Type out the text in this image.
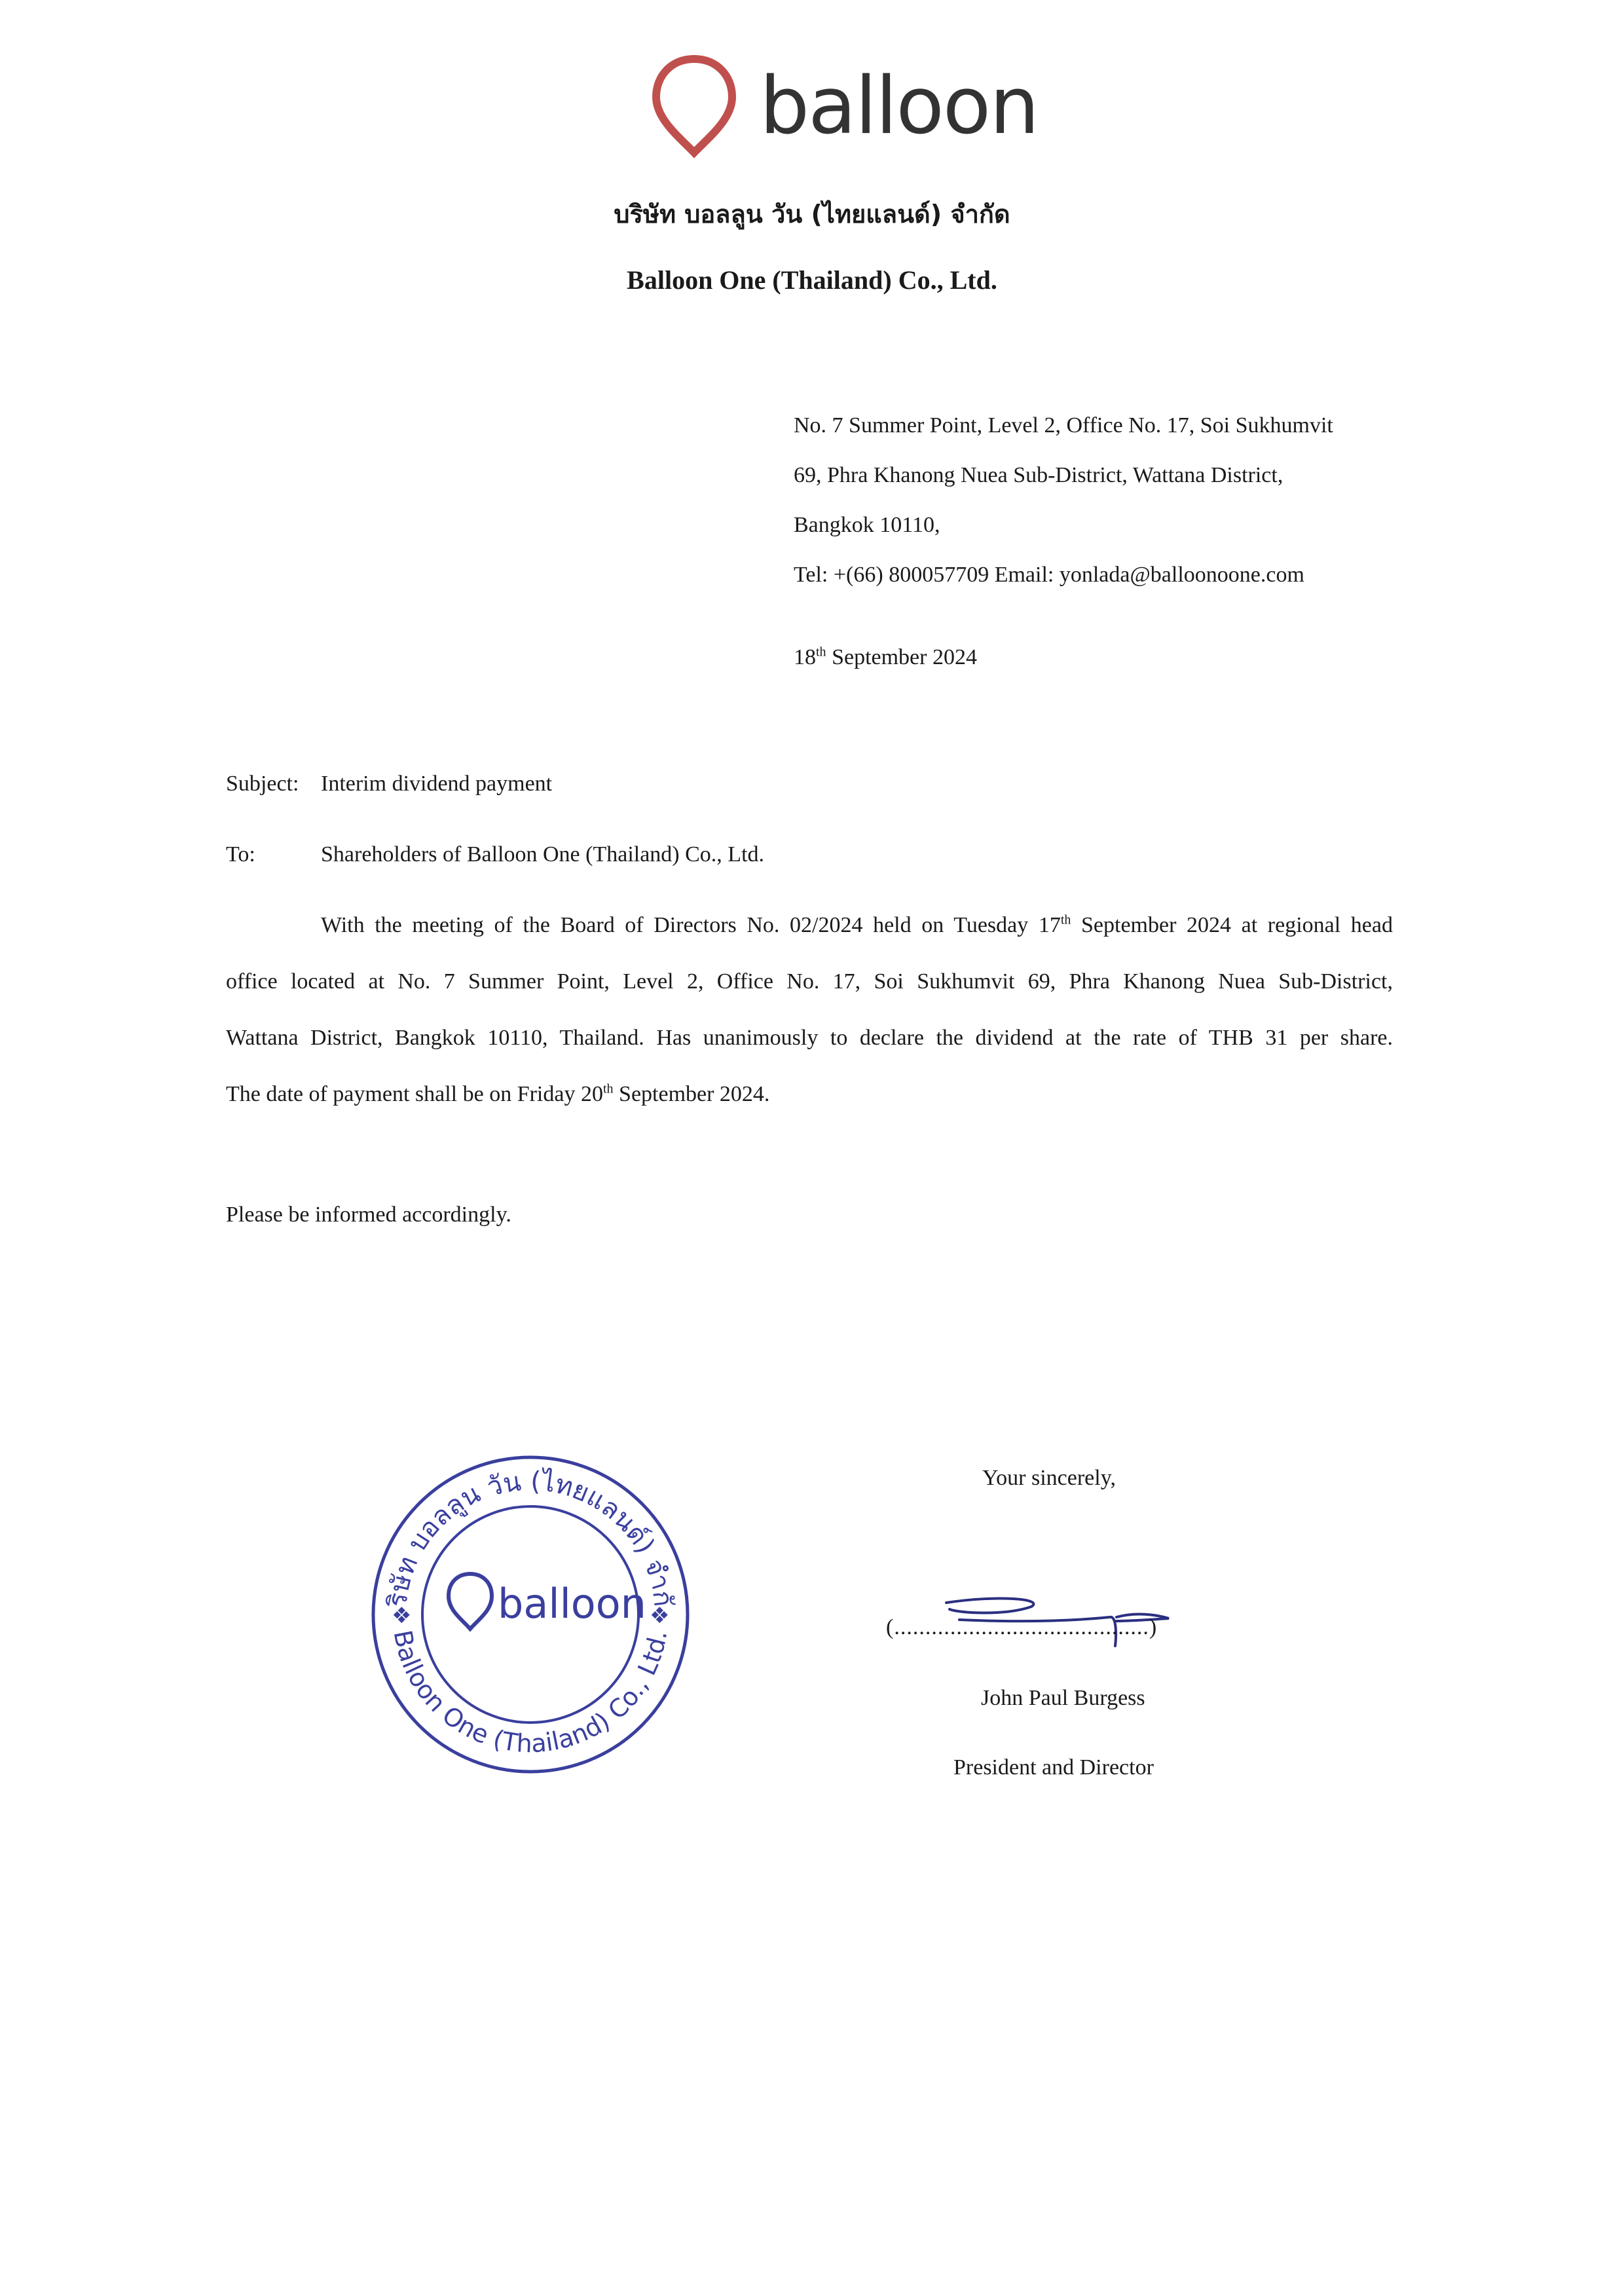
balloon
บริษัท บอลลูน วัน (ไทยแลนด์) จำกัด
Balloon One (Thailand) Co., Ltd.
No. 7 Summer Point, Level 2, Office No. 17, Soi Sukhumvit
69, Phra Khanong Nuea Sub-District, Wattana District,
Bangkok 10110,
Tel: +(66) 800057709 Email: yonlada@balloonoone.com
18th September 2024
Subject: Interim dividend payment
To:	Shareholders of Balloon One (Thailand) Co., Ltd.
With the meeting of the Board of Directors No. 02/2024 held on Tuesday 17th September 2024 at regional head
office located at No. 7 Summer Point, Level 2, Office No. 17, Soi Sukhumvit 69, Phra Khanong Nuea Sub-District,
Wattana District, Bangkok 10110, Thailand. Has unanimously to declare the dividend at the rate of THB 31 per share.
The date of payment shall be on Friday 20th September 2024.
Please be informed accordingly.
ริษัท บอลลูน วัน (ไทยแลนด์) จำกั
Balloon One (Thailand) Co., Ltd.
balloon
❖	❖
Your sincerely,
(.........................................)
John Paul Burgess
President and Director
